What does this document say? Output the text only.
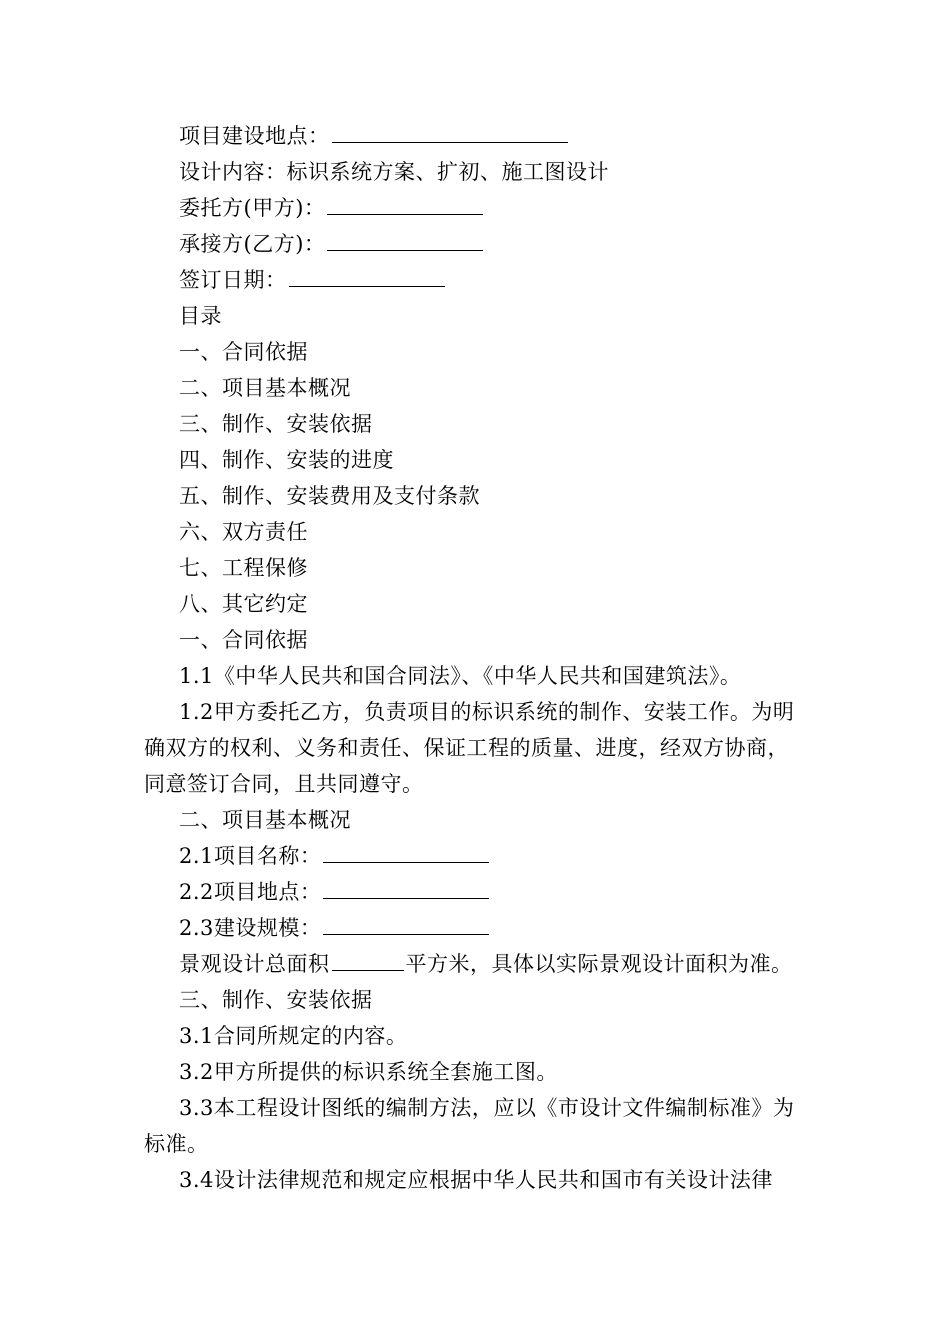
项目建设地点：

设计内容：标识系统方案、扩初、施工图设计

委托方(甲方)：

承接方(乙方)：

签订日期：

目录

一、合同依据

二、项目基本概况

三、制作、安装依据

四、制作、安装的进度

五、制作、安装费用及支付条款

六、双方责任

七、工程保修

八、其它约定

一、合同依据

1.1《中华人民共和国合同法》、《中华人民共和国建筑法》。

1.2甲方委托乙方，负责项目的标识系统的制作、安装工作。为明确双方的权利、义务和责任、保证工程的质量、进度，经双方协商，同意签订合同，且共同遵守。

二、项目基本概况

2.1项目名称：

2.2项目地点：

2.3建设规模：

景观设计总面积	平方米，具体以实际景观设计面积为准。

三、制作、安装依据

3.1合同所规定的内容。

3.2甲方所提供的标识系统全套施工图。

3.3本工程设计图纸的编制方法，应以《市设计文件编制标准》为标准。

3.4设计法律规范和规定应根据中华人民共和国市有关设计法律
